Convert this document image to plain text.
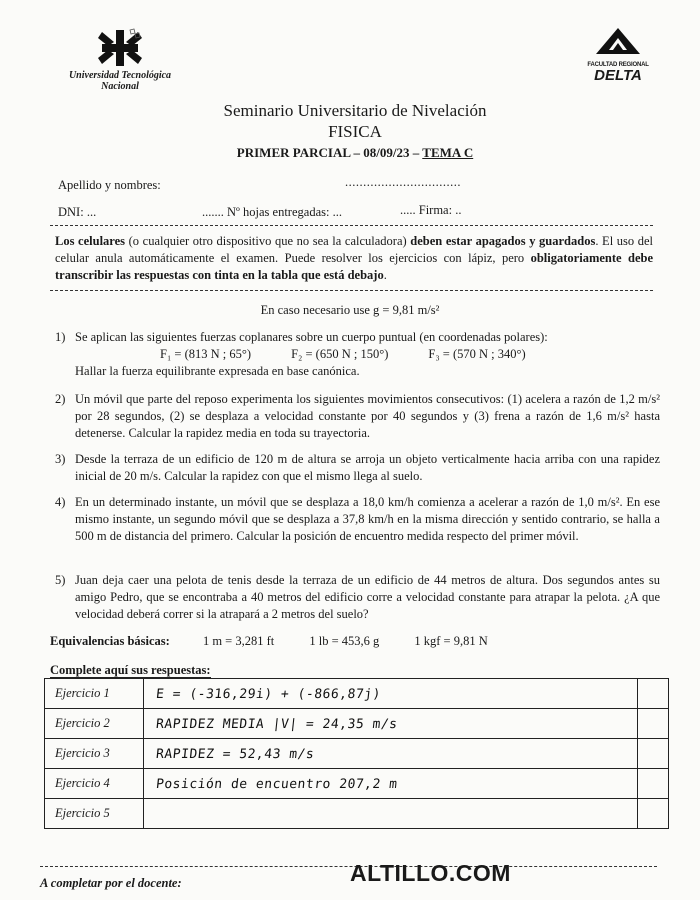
Universidad Tecnológica
Nacional
FACULTAD REGIONAL
DELTA
Seminario Universitario de Nivelación
FISICA
PRIMER PARCIAL – 08/09/23 – TEMA C
Apellido y nombres:	................................
DNI: ...	....... Nº hojas entregadas: ...	..... Firma: ..
Los celulares (o cualquier otro dispositivo que no sea la calculadora) deben estar apagados y guardados. El uso del celular anula automáticamente el examen. Puede resolver los ejercicios con lápiz, pero obligatoriamente debe transcribir las respuestas con tinta en la tabla que está debajo.
En caso necesario use g = 9,81 m/s²
1) Se aplican las siguientes fuerzas coplanares sobre un cuerpo puntual (en coordenadas polares):
F₁ = (813 N ; 65°)	F₂ = (650 N ; 150°)	F₃ = (570 N ; 340°)
Hallar la fuerza equilibrante expresada en base canónica.
2) Un móvil que parte del reposo experimenta los siguientes movimientos consecutivos: (1) acelera a razón de 1,2 m/s² por 28 segundos, (2) se desplaza a velocidad constante por 40 segundos y (3) frena a razón de 1,6 m/s² hasta detenerse. Calcular la rapidez media en toda su trayectoria.
3) Desde la terraza de un edificio de 120 m de altura se arroja un objeto verticalmente hacia arriba con una rapidez inicial de 20 m/s. Calcular la rapidez con que el mismo llega al suelo.
4) En un determinado instante, un móvil que se desplaza a 18,0 km/h comienza a acelerar a razón de 1,0 m/s². En ese mismo instante, un segundo móvil que se desplaza a 37,8 km/h en la misma dirección y sentido contrario, se halla a 500 m de distancia del primero. Calcular la posición de encuentro medida respecto del primer móvil.
5) Juan deja caer una pelota de tenis desde la terraza de un edificio de 44 metros de altura. Dos segundos antes su amigo Pedro, que se encontraba a 40 metros del edificio corre a velocidad constante para atrapar la pelota. ¿A que velocidad deberá correr si la atrapará a 2 metros del suelo?
Equivalencias básicas:	1 m = 3,281 ft	1 lb = 453,6 g	1 kgf = 9,81 N
Complete aquí sus respuestas:
Ejercicio 1	E = (-316,29i) + (-866,87j)	
Ejercicio 2	RAPIDEZ MEDIA |V| = 24,35 m/s	
Ejercicio 3	RAPIDEZ = 52,43 m/s	
Ejercicio 4	Posición de encuentro 207,2 m	
Ejercicio 5		
A completar por el docente:	ALTILLO.COM
